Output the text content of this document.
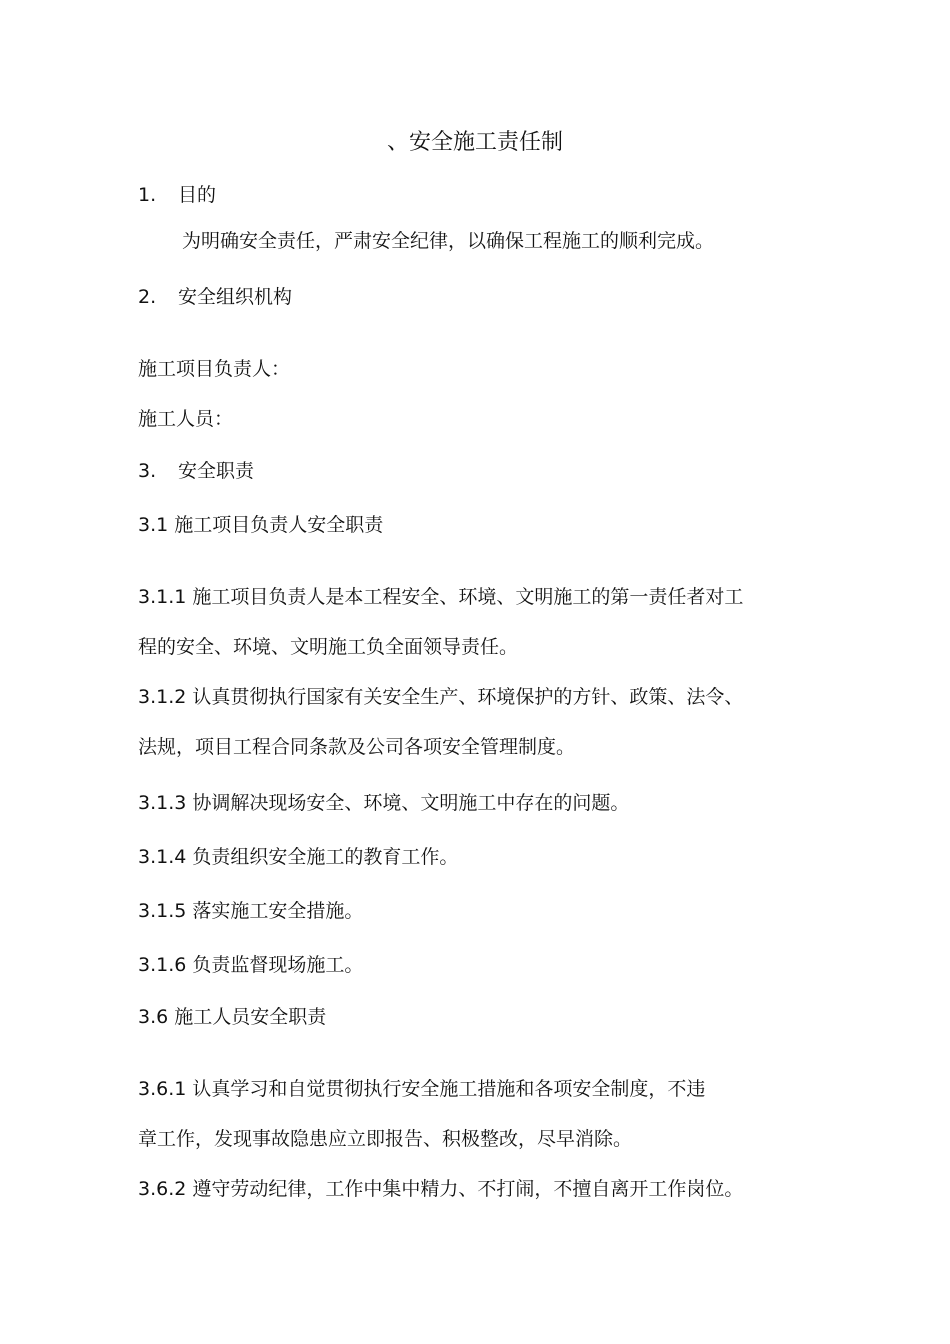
、安全施工责任制
1. 目的
为明确安全责任，严肃安全纪律，以确保工程施工的顺利完成。
2. 安全组织机构
施工项目负责人：
施工人员：
3. 安全职责
3.1 施工项目负责人安全职责
3.1.1 施工项目负责人是本工程安全、环境、文明施工的第一责任者对工
程的安全、环境、文明施工负全面领导责任。
3.1.2 认真贯彻执行国家有关安全生产、环境保护的方针、政策、法令、
法规，项目工程合同条款及公司各项安全管理制度。
3.1.3 协调解决现场安全、环境、文明施工中存在的问题。
3.1.4 负责组织安全施工的教育工作。
3.1.5 落实施工安全措施。
3.1.6 负责监督现场施工。
3.6 施工人员安全职责
3.6.1 认真学习和自觉贯彻执行安全施工措施和各项安全制度，不违
章工作，发现事故隐患应立即报告、积极整改，尽早消除。
3.6.2 遵守劳动纪律，工作中集中精力、不打闹，不擅自离开工作岗位。
